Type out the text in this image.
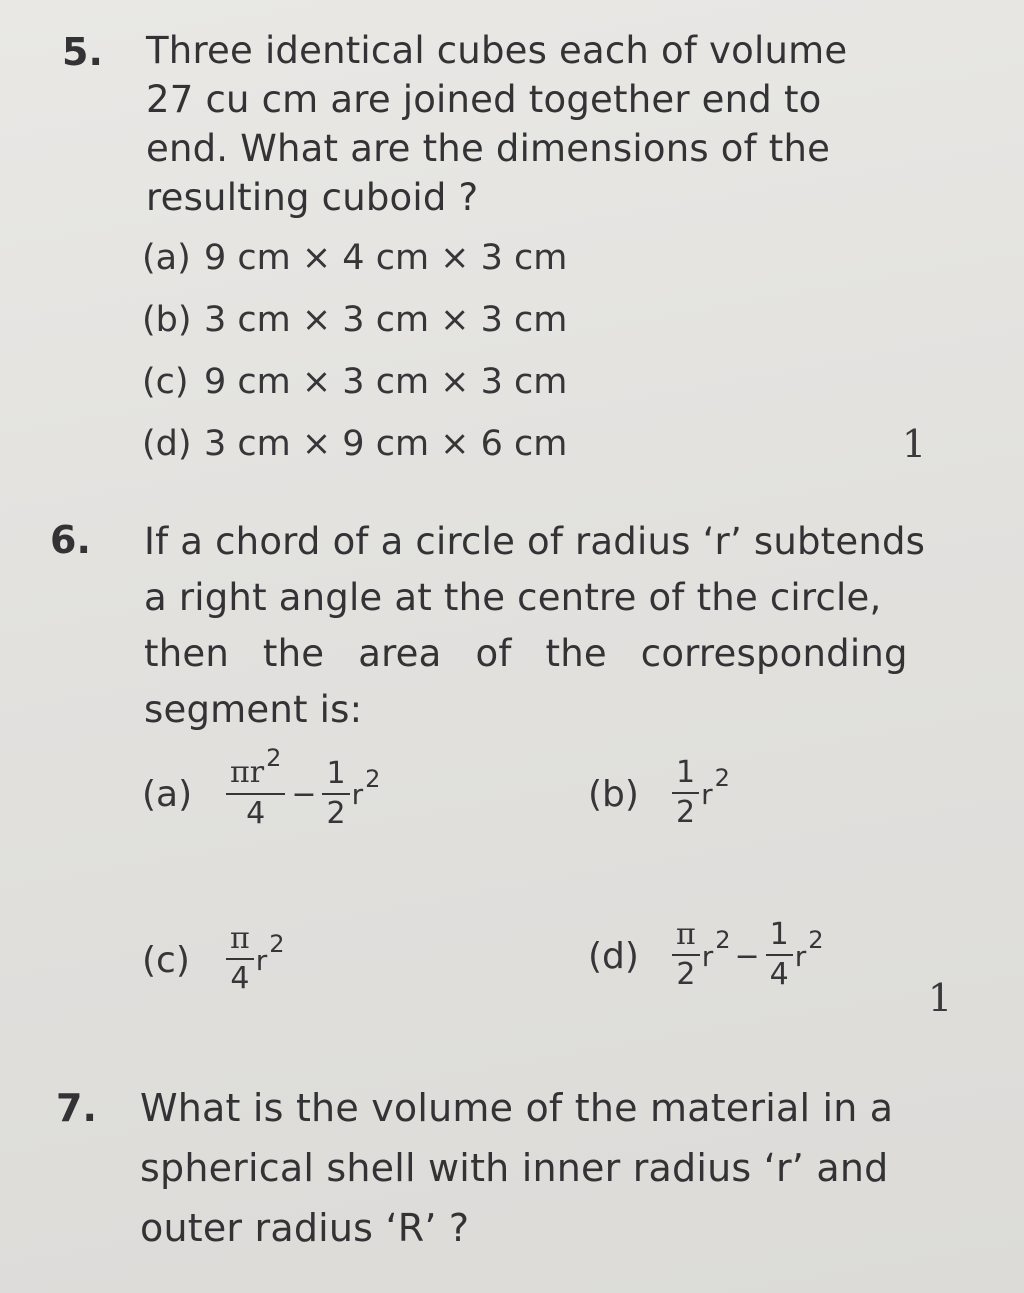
5. Three identical cubes each of volume
27 cu cm are joined together end to
end. What are the dimensions of the
resulting cuboid ?
(a) 9 cm × 4 cm × 3 cm
(b) 3 cm × 3 cm × 3 cm
(c) 9 cm × 3 cm × 3 cm
(d) 3 cm × 9 cm × 6 cm	1
6. If a chord of a circle of radius ‘r’ subtends
a right angle at the centre of the circle,
then the area of the corresponding
segment is:
(a)	$\frac{\pi r^2}{4} - \frac{1}{2}$ r 2	(b)	$\frac{1}{2}$ r 2
(c)	$\frac{\pi}{4}$ r 2	(d)	$\frac{\pi}{2}$ r $2 - \frac{1}{4}$ r 2
1
7. What is the volume of the material in a
spherical shell with inner radius ‘r’ and
outer radius ‘R’ ?
